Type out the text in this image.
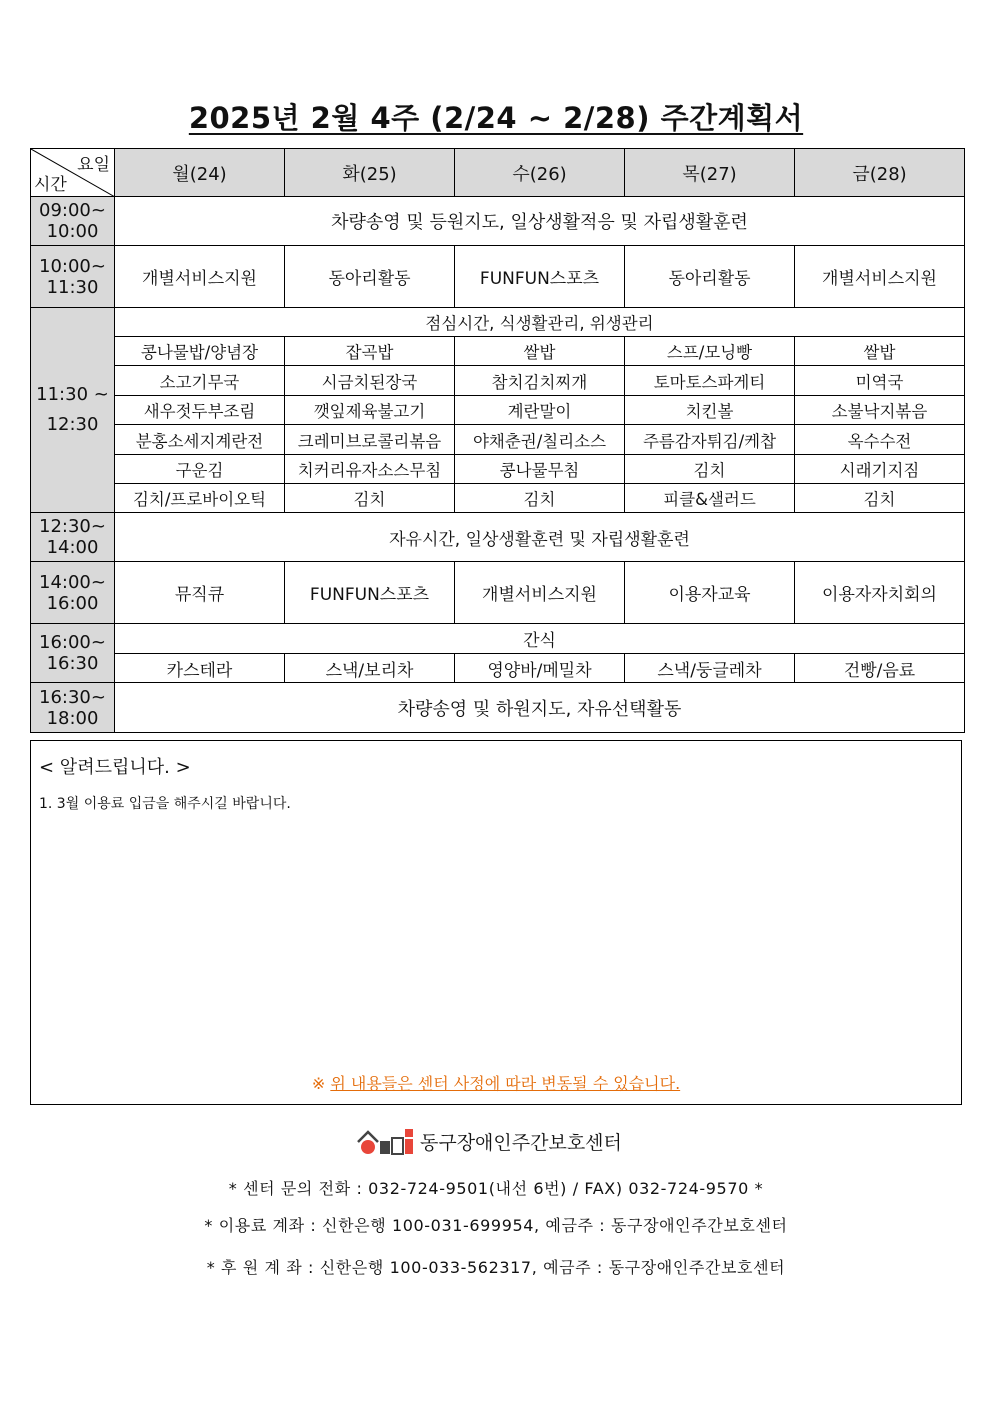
2025년 2월 4주 (2/24 ~ 2/28) 주간계획서
요일
시간	월(24)	화(25)	수(26)	목(27)	금(28)
09:00~ 10:00	차량송영 및 등원지도, 일상생활적응 및 자립생활훈련				
10:00~ 11:30	개별서비스지원	동아리활동	FUNFUN스포츠	동아리활동	개별서비스지원
11:30 ~ 12:30	점심시간, 식생활관리, 위생관리				
	콩나물밥/양념장	잡곡밥	쌀밥	스프/모닝빵	쌀밥
	소고기무국	시금치된장국	참치김치찌개	토마토스파게티	미역국
	새우젓두부조림	깻잎제육불고기	계란말이	치킨볼	소불낙지볶음
	분홍소세지계란전	크레미브로콜리볶음	야채춘권/칠리소스	주름감자튀김/케찹	옥수수전
	구운김	치커리유자소스무침	콩나물무침	김치	시래기지짐
	김치/프로바이오틱	김치	김치	피클&샐러드	김치
12:30~ 14:00	자유시간, 일상생활훈련 및 자립생활훈련				
14:00~ 16:00	뮤직큐	FUNFUN스포츠	개별서비스지원	이용자교육	이용자자치회의
16:00~ 16:30	간식				
	카스테라	스낵/보리차	영양바/메밀차	스낵/둥글레차	건빵/음료
16:30~ 18:00	차량송영 및 하원지도, 자유선택활동				
< 알려드립니다. >
1. 3월 이용료 입금을 해주시길 바랍니다.
※ 위 내용들은 센터 사정에 따라 변동될 수 있습니다.
동구장애인주간보호센터
* 센터 문의 전화 : 032-724-9501(내선 6번) / FAX) 032-724-9570 *
* 이용료 계좌 : 신한은행 100-031-699954, 예금주 : 동구장애인주간보호센터
* 후 원 계 좌 : 신한은행 100-033-562317, 예금주 : 동구장애인주간보호센터
